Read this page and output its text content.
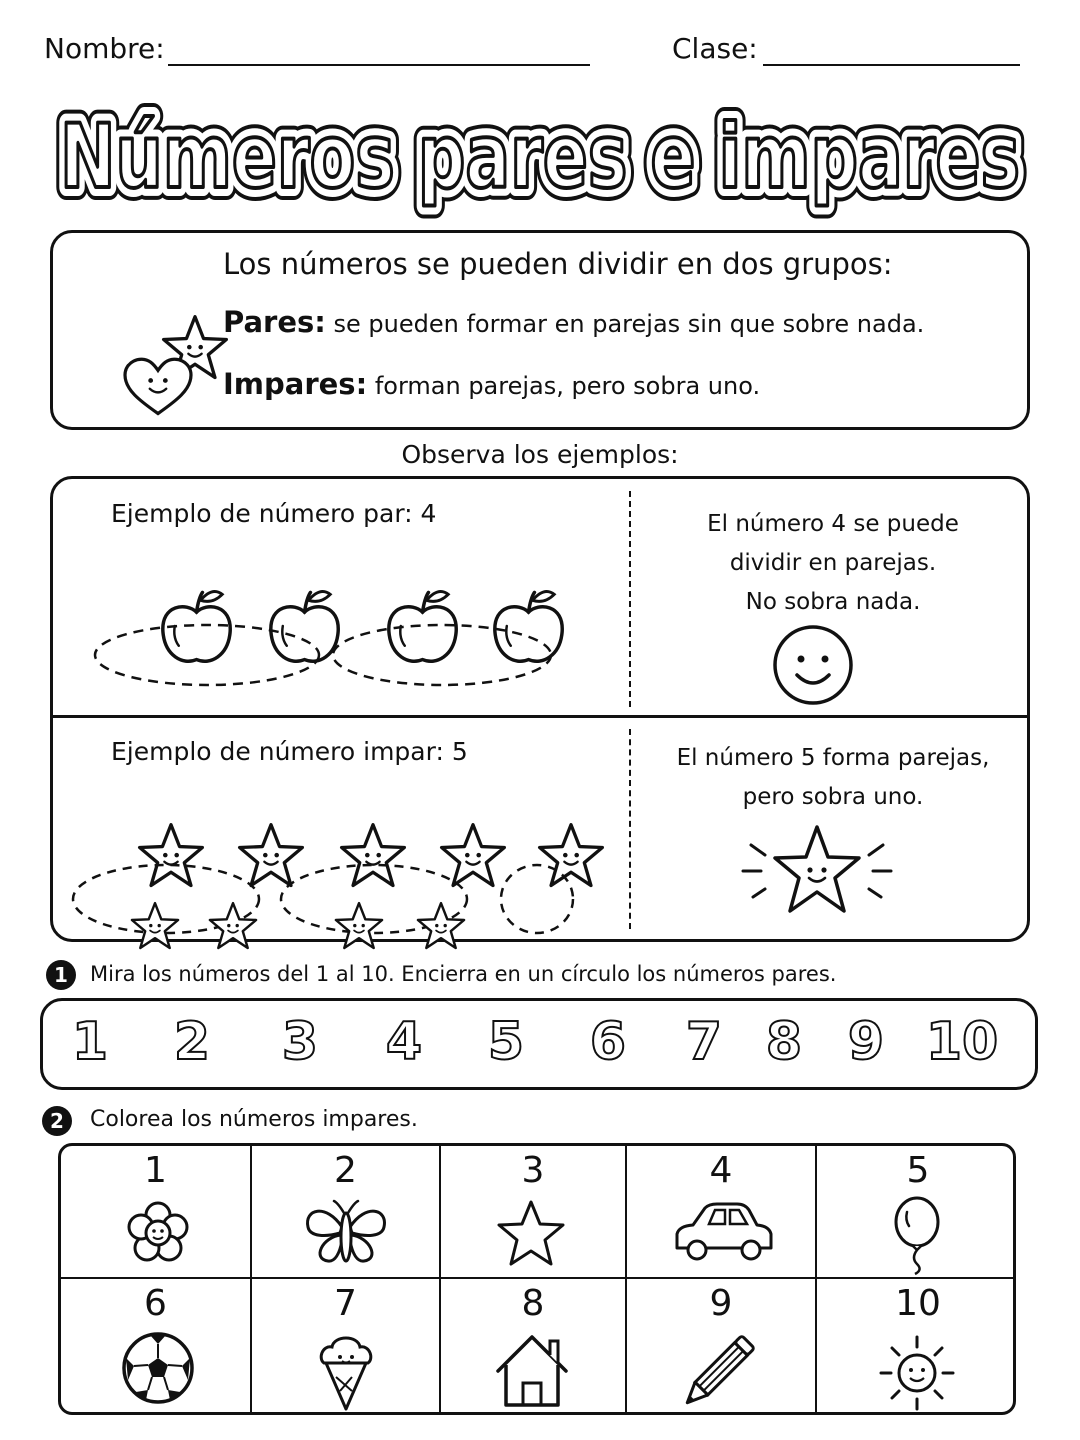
Nombre:	Clase:
Números pares e impares
Números pares e impares
Números pares e impares
Los números se pueden dividir en dos grupos:
Pares: se pueden formar en parejas sin que sobre nada.
Impares: forman parejas, pero sobra uno.
Observa los ejemplos:
Ejemplo de número par: 4	El número 4 se puede
dividir en parejas.
No sobra nada.
Ejemplo de número impar: 5	El número 5 forma parejas,
pero sobra uno.
1	Mira los números del 1 al 10. Encierra en un círculo los números pares.
1	2	3	4	5	6	7 8 9 10
2	Colorea los números impares.
1	2	3	4	5
6	7	8	9	10
